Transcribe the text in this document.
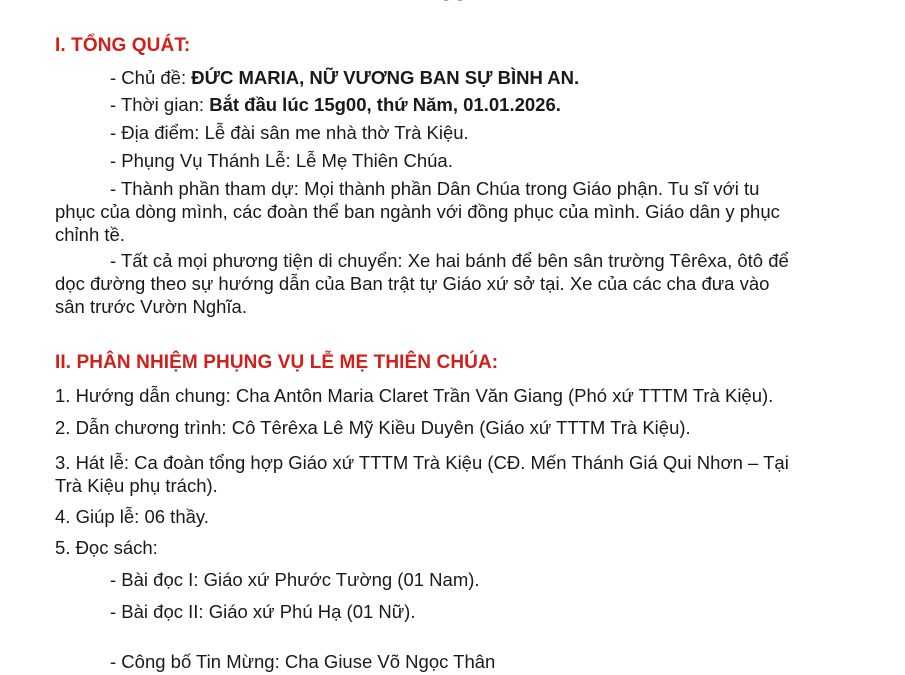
I. TỔNG QUÁT:

- Chủ đề: ĐỨC MARIA, NỮ VƯƠNG BAN SỰ BÌNH AN.

- Thời gian: Bắt đầu lúc 15g00, thứ Năm, 01.01.2026.

- Địa điểm: Lễ đài sân me nhà thờ Trà Kiệu.

- Phụng Vụ Thánh Lễ: Lễ Mẹ Thiên Chúa.

- Thành phần tham dự: Mọi thành phần Dân Chúa trong Giáo phận. Tu sĩ với tu

phục của dòng mình, các đoàn thể ban ngành với đồng phục của mình. Giáo dân y phục

chỉnh tề.

- Tất cả mọi phương tiện di chuyển: Xe hai bánh để bên sân trường Têrêxa, ôtô để

dọc đường theo sự hướng dẫn của Ban trật tự Giáo xứ sở tại. Xe của các cha đưa vào

sân trước Vườn Nghĩa.

II. PHÂN NHIỆM PHỤNG VỤ LỄ MẸ THIÊN CHÚA:

1. Hướng dẫn chung: Cha Antôn Maria Claret Trần Văn Giang (Phó xứ TTTM Trà Kiệu).

2. Dẫn chương trình: Cô Têrêxa Lê Mỹ Kiều Duyên (Giáo xứ TTTM Trà Kiệu).

3. Hát lễ: Ca đoàn tổng hợp Giáo xứ TTTM Trà Kiệu (CĐ. Mến Thánh Giá Qui Nhơn – Tại

Trà Kiệu phụ trách).

4. Giúp lễ: 06 thầy.

5. Đọc sách:

- Bài đọc I: Giáo xứ Phước Tường (01 Nam).

- Bài đọc II: Giáo xứ Phú Hạ (01 Nữ).

- Công bố Tin Mừng: Cha Giuse Võ Ngọc Thân
